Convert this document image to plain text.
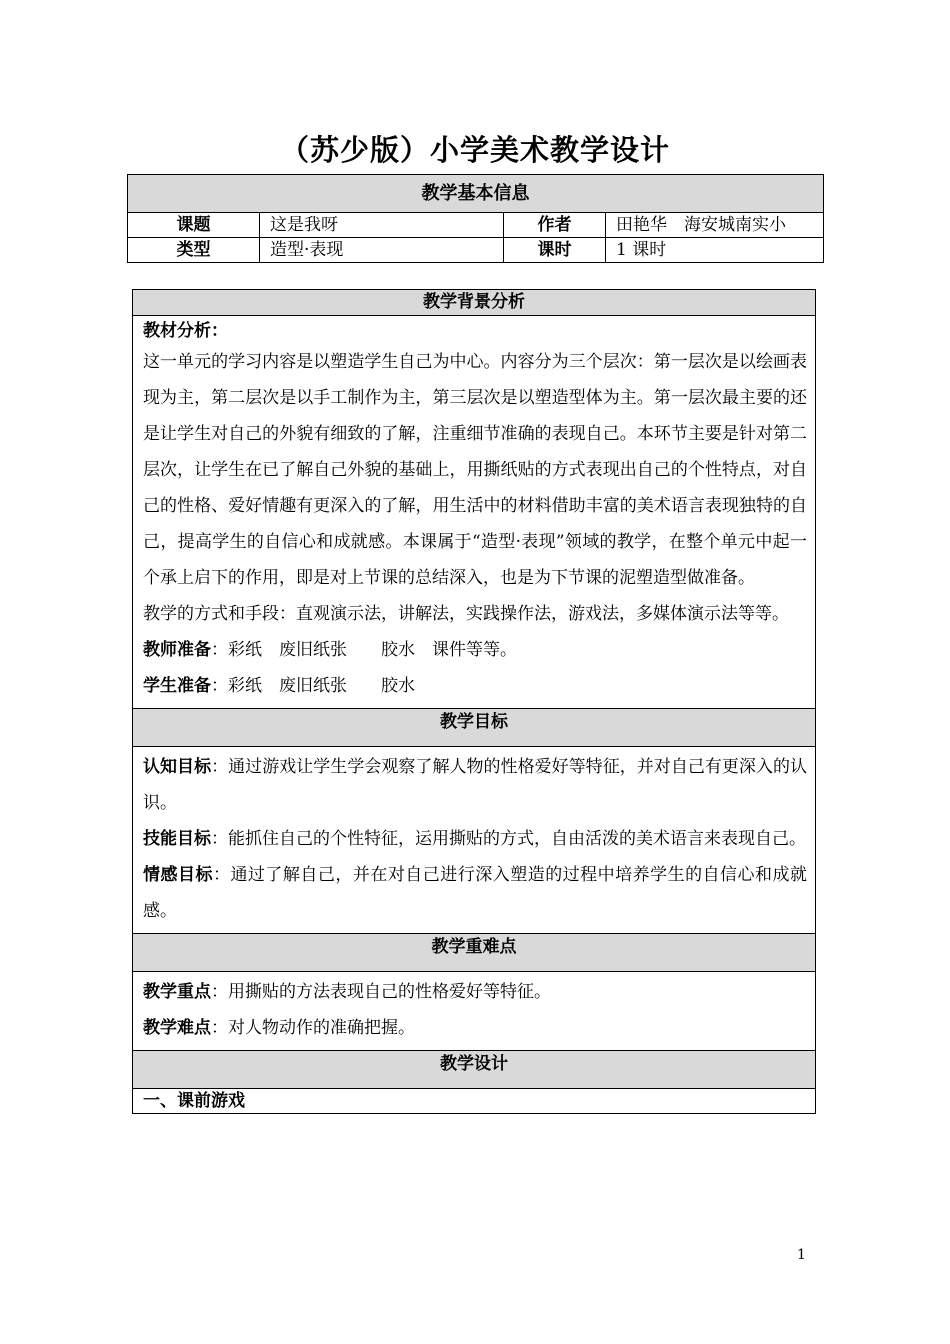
（苏少版）小学美术教学设计
教学基本信息			
课题	这是我呀	作者	田艳华　海安城南实小
类型	造型·表现	课时	1 课时
教学背景分析

教材分析：

这一单元的学习内容是以塑造学生自己为中心。内容分为三个层次：第一层次是以绘画表现为主，第二层次是以手工制作为主，第三层次是以塑造型体为主。第一层次最主要的还是让学生对自己的外貌有细致的了解，注重细节准确的表现自己。本环节主要是针对第二层次，让学生在已了解自己外貌的基础上，用撕纸贴的方式表现出自己的个性特点，对自己的性格、爱好情趣有更深入的了解，用生活中的材料借助丰富的美术语言表现独特的自己，提高学生的自信心和成就感。本课属于“造型·表现”领域的教学，在整个单元中起一个承上启下的作用，即是对上节课的总结深入，也是为下节课的泥塑造型做准备。

教学的方式和手段：直观演示法，讲解法，实践操作法，游戏法，多媒体演示法等等。

教师准备：彩纸　废旧纸张　　胶水　课件等等。

学生准备：彩纸　废旧纸张　　胶水

教学目标

认知目标：通过游戏让学生学会观察了解人物的性格爱好等特征，并对自己有更深入的认识。

技能目标：能抓住自己的个性特征，运用撕贴的方式，自由活泼的美术语言来表现自己。

情感目标：通过了解自己，并在对自己进行深入塑造的过程中培养学生的自信心和成就感。

教学重难点

教学重点：用撕贴的方法表现自己的性格爱好等特征。

教学难点：对人物动作的准确把握。

教学设计
一、课前游戏
1
